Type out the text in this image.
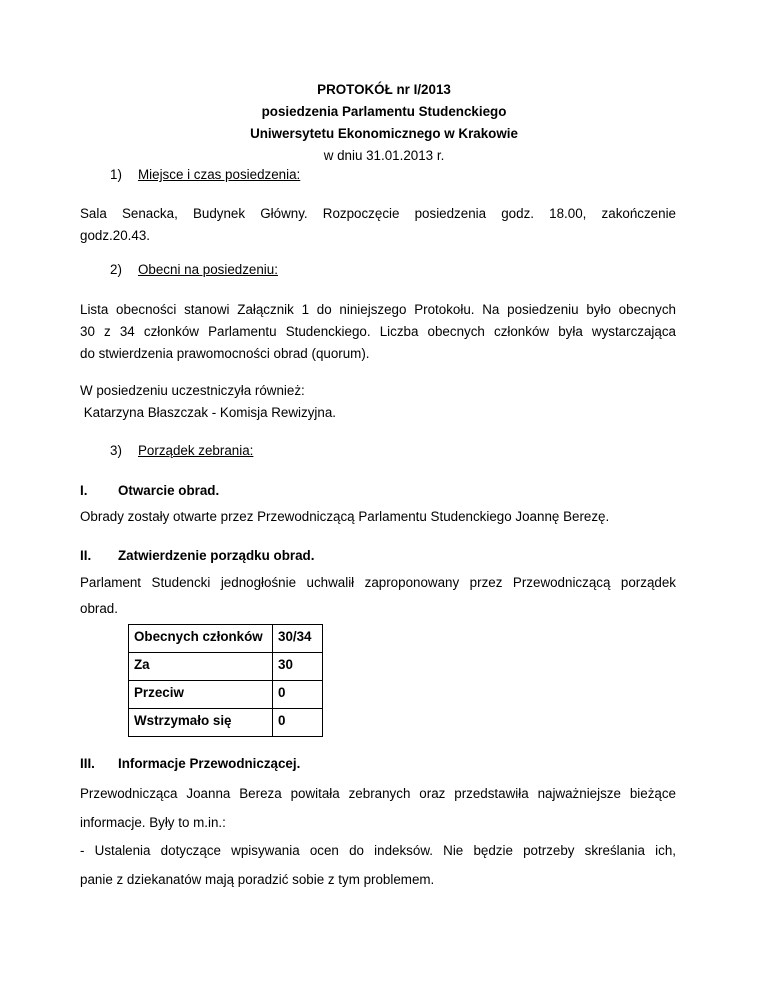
PROTOKÓŁ nr I/2013
posiedzenia Parlamentu Studenckiego
Uniwersytetu Ekonomicznego w Krakowie
w dniu 31.01.2013 r.
1) Miejsce i czas posiedzenia:
Sala Senacka, Budynek Główny. Rozpoczęcie posiedzenia godz. 18.00, zakończenie
godz.20.43.
2) Obecni na posiedzeniu:
Lista obecności stanowi Załącznik 1 do niniejszego Protokołu. Na posiedzeniu było obecnych
30 z 34 członków Parlamentu Studenckiego. Liczba obecnych członków była wystarczająca
do stwierdzenia prawomocności obrad (quorum).
W posiedzeniu uczestniczyła również:
Katarzyna Błaszczak - Komisja Rewizyjna.
3) Porządek zebrania:
I. Otwarcie obrad.
Obrady zostały otwarte przez Przewodniczącą Parlamentu Studenckiego Joannę Berezę.
II. Zatwierdzenie porządku obrad.
Parlament Studencki jednogłośnie uchwalił zaproponowany przez Przewodniczącą porządek
obrad.
Obecnych członków	30/34
Za	30
Przeciw	0
Wstrzymało się	0
III. Informacje Przewodniczącej.
Przewodnicząca Joanna Bereza powitała zebranych oraz przedstawiła najważniejsze bieżące
informacje. Były to m.in.:
- Ustalenia dotyczące wpisywania ocen do indeksów. Nie będzie potrzeby skreślania ich,
panie z dziekanatów mają poradzić sobie z tym problemem.
